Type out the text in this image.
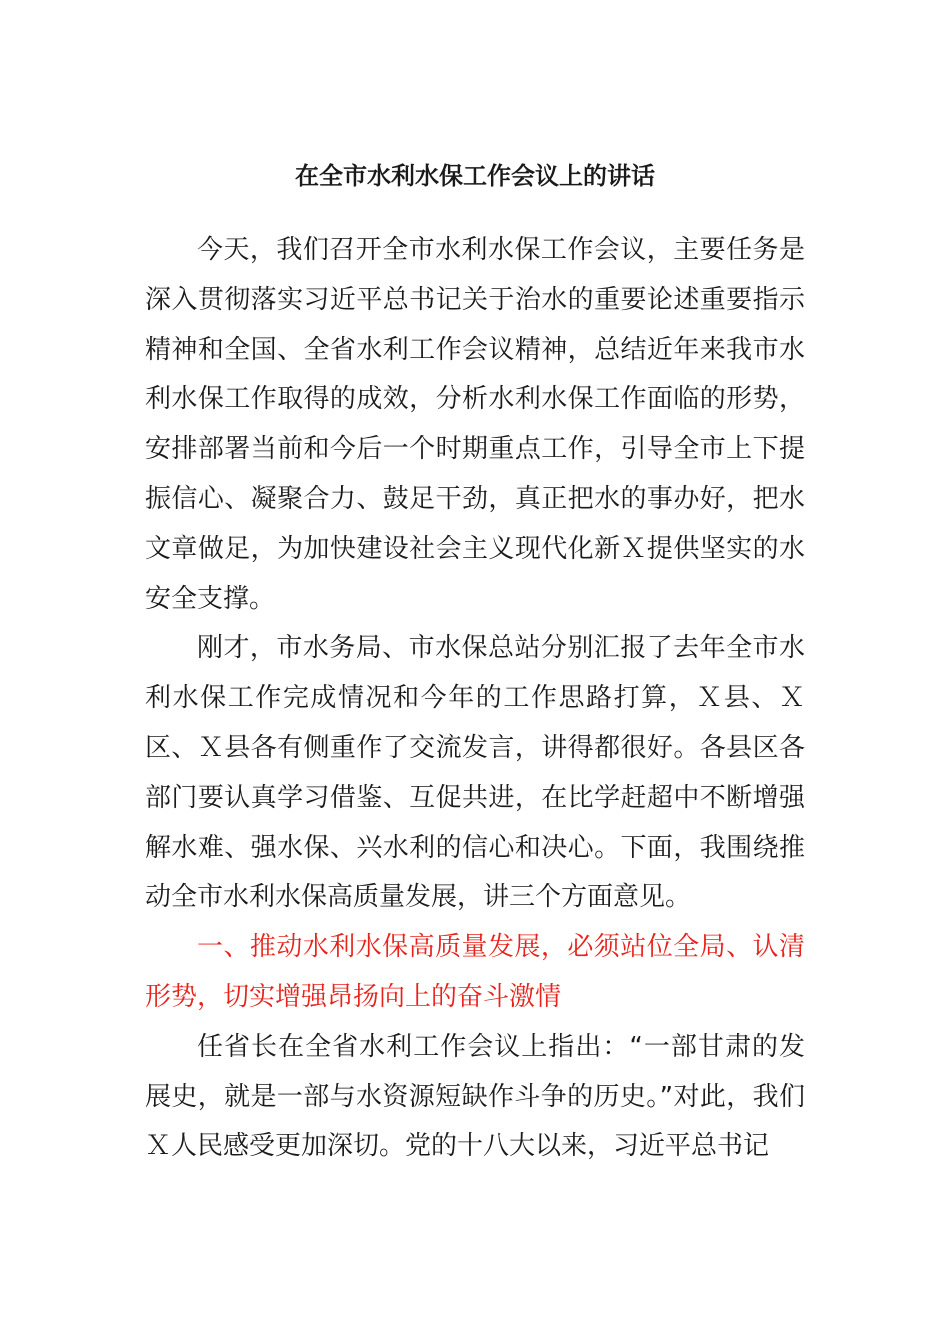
在全市水利水保工作会议上的讲话

今天，我们召开全市水利水保工作会议，主要任务是深入贯彻落实习近平总书记关于治水的重要论述重要指示精神和全国、全省水利工作会议精神，总结近年来我市水利水保工作取得的成效，分析水利水保工作面临的形势，安排部署当前和今后一个时期重点工作，引导全市上下提振信心、凝聚合力、鼓足干劲，真正把水的事办好，把水文章做足，为加快建设社会主义现代化新Ｘ提供坚实的水安全支撑。

刚才，市水务局、市水保总站分别汇报了去年全市水利水保工作完成情况和今年的工作思路打算，Ｘ县、Ｘ区、Ｘ县各有侧重作了交流发言，讲得都很好。各县区各部门要认真学习借鉴、互促共进，在比学赶超中不断增强解水难、强水保、兴水利的信心和决心。下面，我围绕推动全市水利水保高质量发展，讲三个方面意见。

一、推动水利水保高质量发展，必须站位全局、认清形势，切实增强昂扬向上的奋斗激情

任省长在全省水利工作会议上指出：“一部甘肃的发展史，就是一部与水资源短缺作斗争的历史。”对此，我们Ｘ人民感受更加深切。党的十八大以来，习近平总书记
